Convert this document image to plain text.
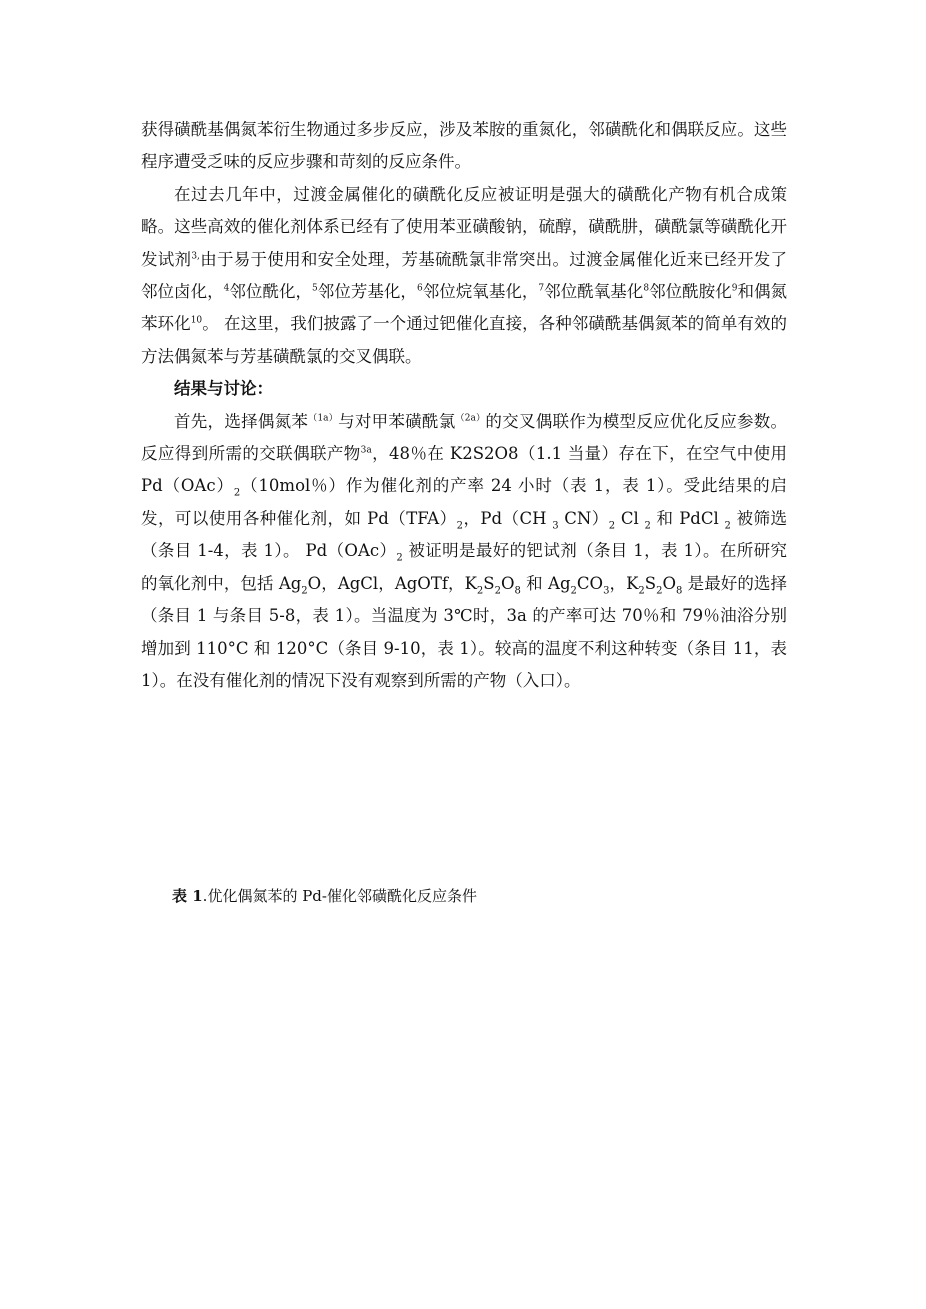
获得磺酰基偶氮苯衍生物通过多步反应，涉及苯胺的重氮化，邻磺酰化和偶联反应。这些程序遭受乏味的反应步骤和苛刻的反应条件。

在过去几年中，过渡金属催化的磺酰化反应被证明是强大的磺酰化产物有机合成策略。这些高效的催化剂体系已经有了使用苯亚磺酸钠，硫醇，磺酰肼，磺酰氯等磺酰化开发试剂$^{3,}$由于易于使用和安全处理，芳基硫酰氯非常突出。过渡金属催化近来已经开发了邻位卤化，$^4$邻位酰化，$^5$邻位芳基化，$^6$邻位烷氧基化，$^7$邻位酰氧基化$^8$邻位酰胺化$^9$和偶氮苯环化$^{10}$。 在这里，我们披露了一个通过钯催化直接，各种邻磺酰基偶氮苯的简单有效的方法偶氮苯与芳基磺酰氯的交叉偶联。

结果与讨论：

首先，选择偶氮苯$^{(1a)}$与对甲苯磺酰氯$^{(2a)}$的交叉偶联作为模型反应优化反应参数。反应得到所需的交联偶联产物$^{3a}$，48％在 K2S2O8（1.1 当量）存在下，在空气中使用 $Pd(OAc)_2(10mol$％）作为催化剂的产率 24 小时（表 1，表 1）。受此结果的启发，可以使用各种催化剂，如 $Pd(TFA)_2$，Pd（CH $_3$ $CN)_2$ Cl $_2$ 和 PdCl $_2$ 被筛选（条目 1-4，表 1）。 $Pd(OAc)_2$ 被证明是最好的钯试剂（条目 1，表 1）。在所研究的氧化剂中，包括 $Ag_2O$，AgCl，AgOTf，$K_2S_2O_8$ 和 $Ag_2CO_3$，$K_2S_2O_8$ 是最好的选择（条目 1 与条目 5-8，表 1）。当温度为 3℃时，3a 的产率可达 70％和 79％油浴分别增加到 110°C 和 120°C（条目 9-10，表 1）。较高的温度不利这种转变（条目 11，表 1）。在没有催化剂的情况下没有观察到所需的产物（入口）。

表 1.优化偶氮苯的 Pd-催化邻磺酰化反应条件
